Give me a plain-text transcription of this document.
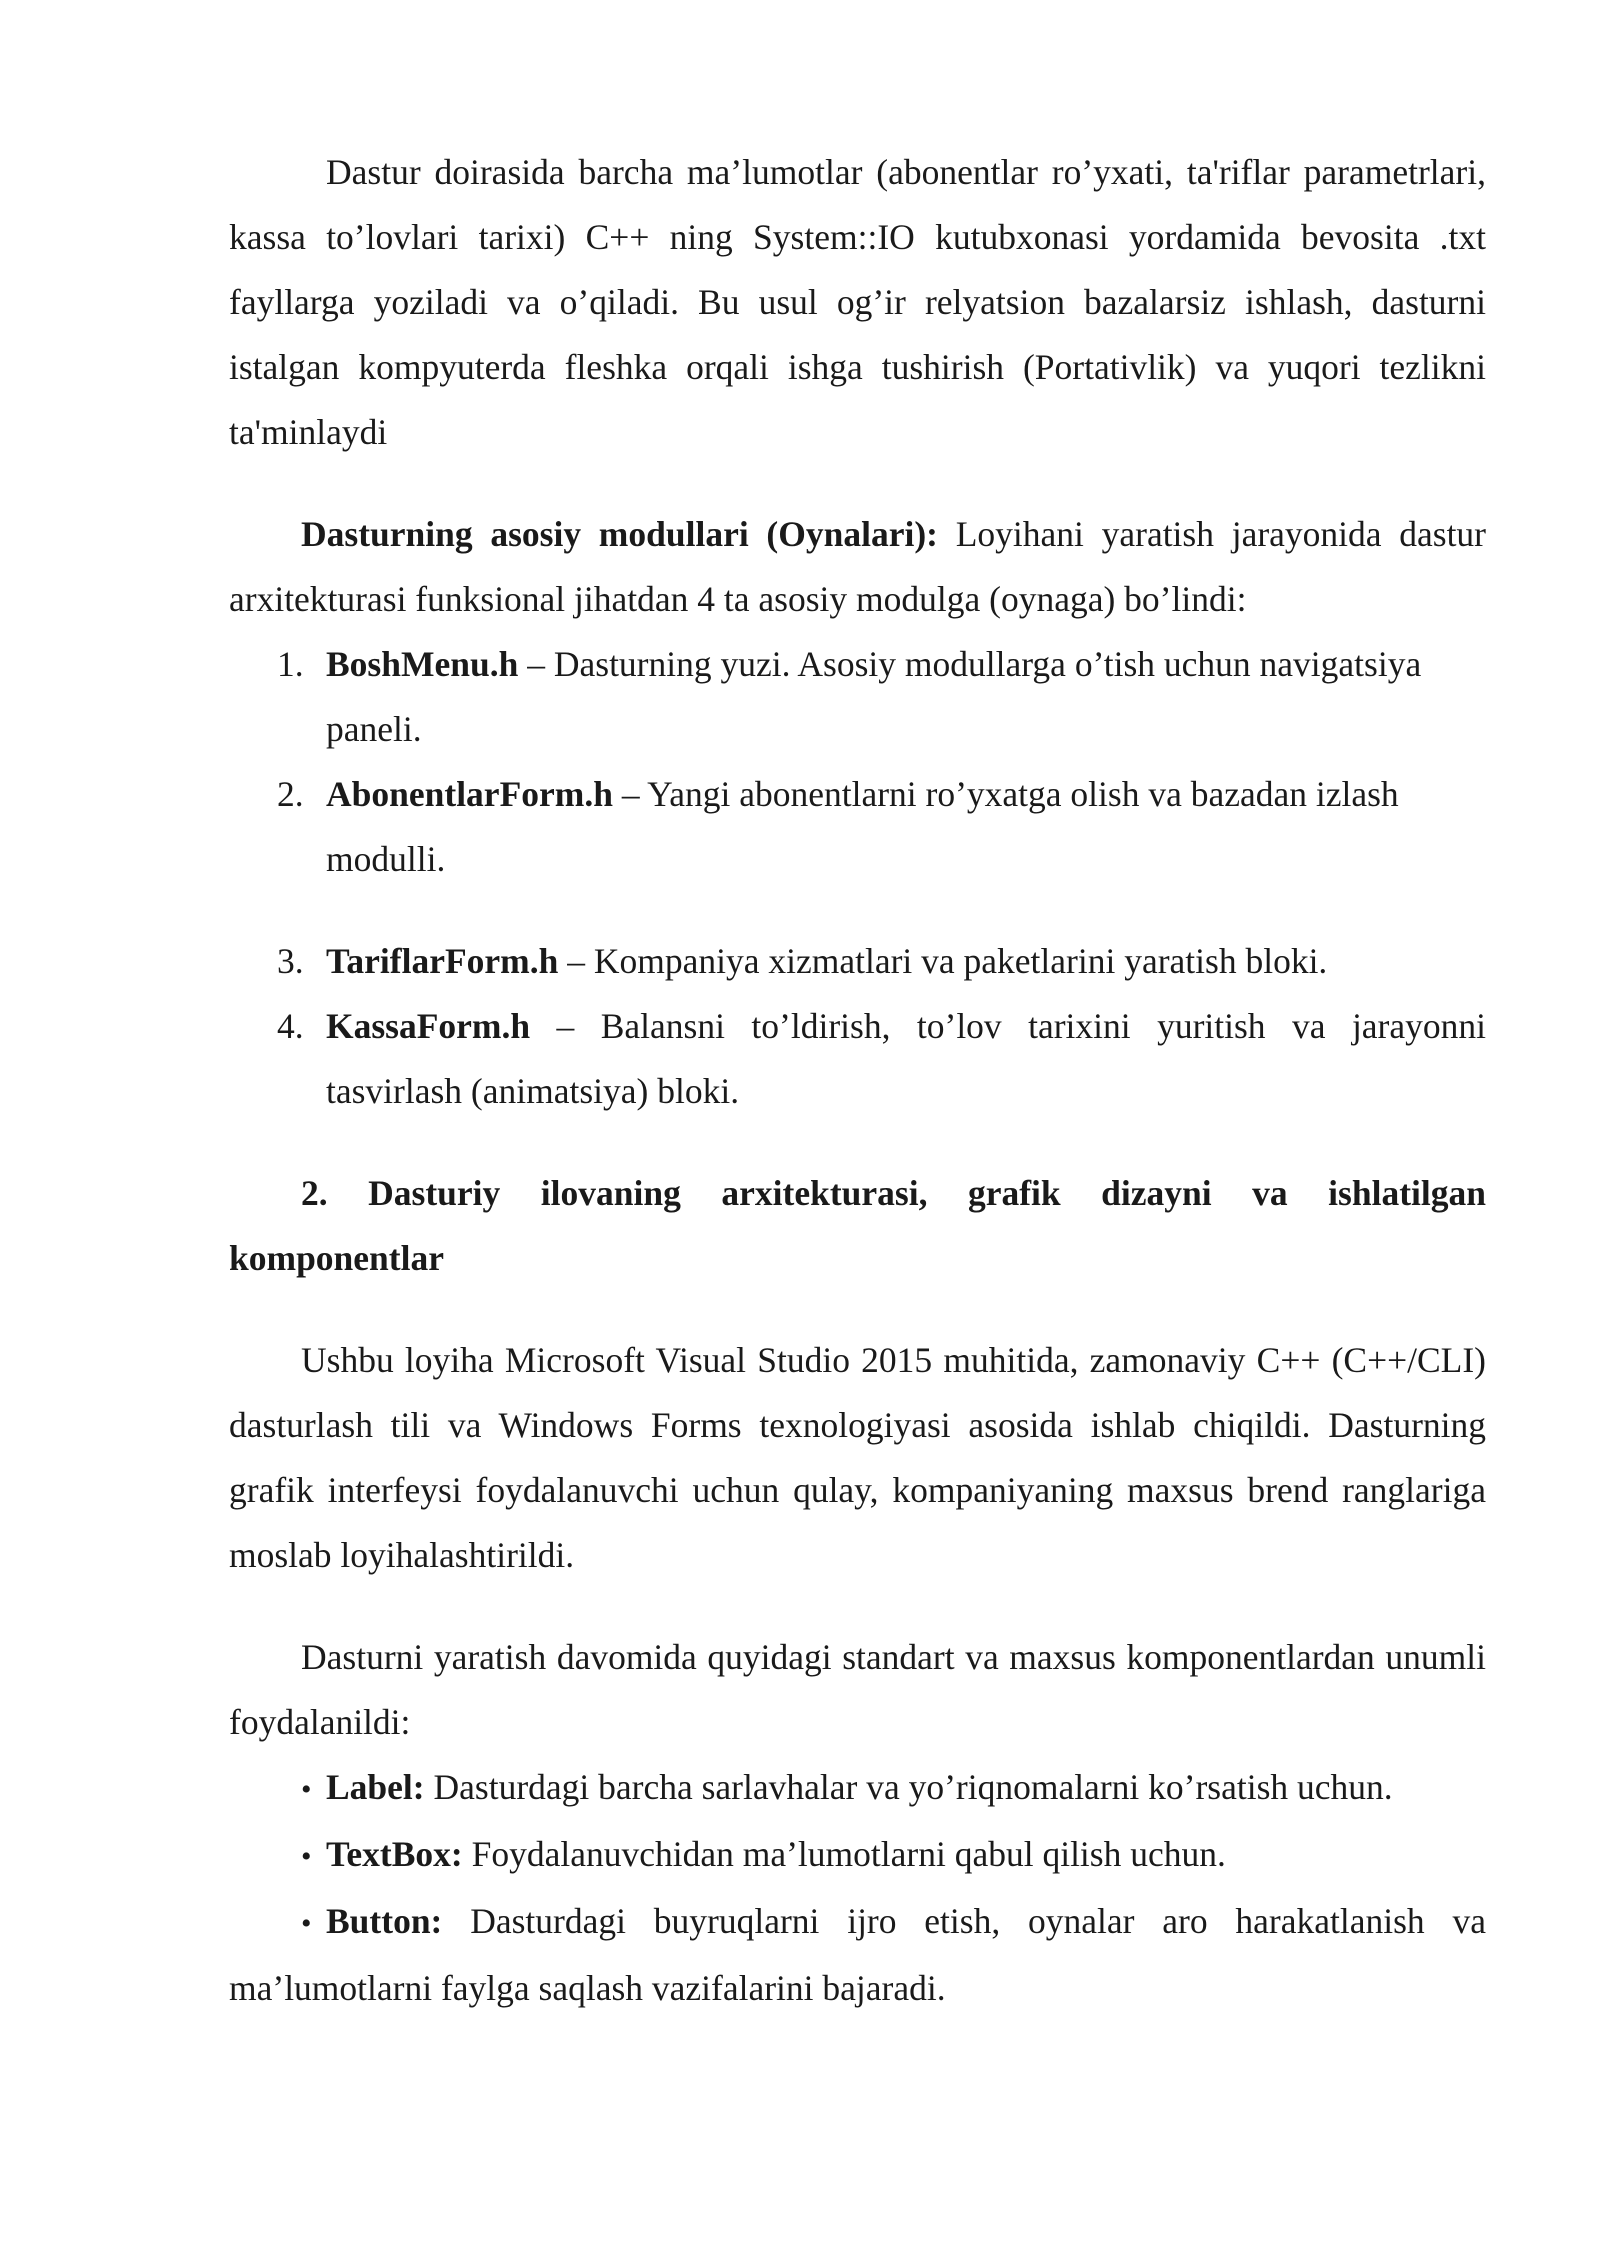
Dastur doirasida barcha ma’lumotlar (abonentlar ro’yxati, ta'riflar parametrlari, kassa to’lovlari tarixi) C++ ning System::IO kutubxonasi yordamida bevosita .txt fayllarga yoziladi va o’qiladi. Bu usul og’ir relyatsion bazalarsiz ishlash, dasturni istalgan kompyuterda fleshka orqali ishga tushirish (Portativlik) va yuqori tezlikni ta'minlaydi

Dasturning asosiy modullari (Oynalari): Loyihani yaratish jarayonida dastur arxitekturasi funksional jihatdan 4 ta asosiy modulga (oynaga) bo’lindi:

1. BoshMenu.h – Dasturning yuzi. Asosiy modullarga o’tish uchun navigatsiya paneli.
2. AbonentlarForm.h – Yangi abonentlarni ro’yxatga olish va bazadan izlash modulli.
3. TariflarForm.h – Kompaniya xizmatlari va paketlarini yaratish bloki.
4. KassaForm.h – Balansni to’ldirish, to’lov tarixini yuritish va jarayonni tasvirlash (animatsiya) bloki.

2. Dasturiy ilovaning arxitekturasi, grafik dizayni va ishlatilgan komponentlar

Ushbu loyiha Microsoft Visual Studio 2015 muhitida, zamonaviy C++ (C++/CLI) dasturlash tili va Windows Forms texnologiyasi asosida ishlab chiqildi. Dasturning grafik interfeysi foydalanuvchi uchun qulay, kompaniyaning maxsus brend ranglariga moslab loyihalashtirildi.

Dasturni yaratish davomida quyidagi standart va maxsus komponentlardan unumli foydalanildi:

• Label: Dasturdagi barcha sarlavhalar va yo’riqnomalarni ko’rsatish uchun.
• TextBox: Foydalanuvchidan ma’lumotlarni qabul qilish uchun.
• Button: Dasturdagi buyruqlarni ijro etish, oynalar aro harakatlanish va ma’lumotlarni faylga saqlash vazifalarini bajaradi.
